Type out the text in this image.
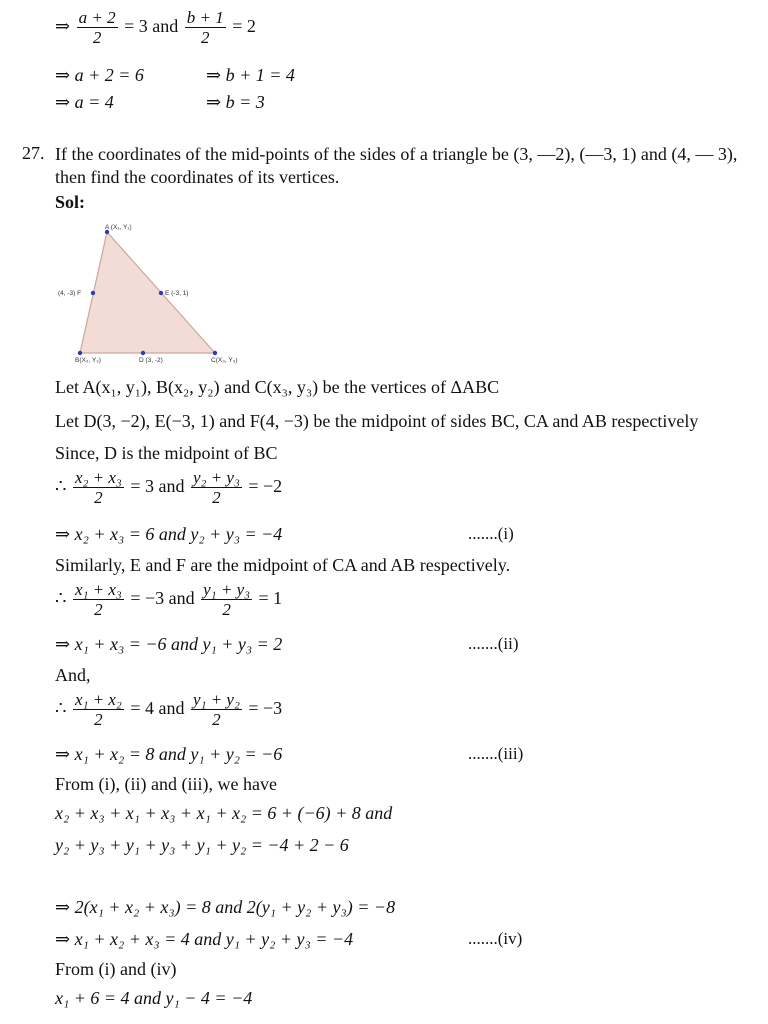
⇒ $\frac{a + 2}{2} = 3$ and $\frac{b + 1}{2} = 2$
⇒ a + 2 = 6	⇒ b + 1 = 4
⇒ a = 4	⇒ b = 3
27. If the coordinates of the mid-points of the sides of a triangle be (3, —2), (—3, 1) and (4, — 3), then find the coordinates of its vertices.
Sol:
A (X₁, Y₁)
E (-3, 1)
(4, -3) F
B(X₂, Y₂)	D (3, -2)	C(X₃, Y₃)
Let A(x₁, y₁), B(x₂, y₂) and C(x₃, y₃) be the vertices of ΔABC
Let D(3, −2), E(−3, 1) and F(4, −3) be the midpoint of sides BC, CA and AB respectively
Since, D is the midpoint of BC
∴ $\frac{\text{x₂ + x₃}}{2} = 3$ and $\frac{\text{y₂ + y₃}}{2} = -2$
⇒ x₂ + x₃ = 6 and y₂ + y₃ = −4	.......(i)
Similarly, E and F are the midpoint of CA and AB respectively.
∴ $\frac{\text{x₁ + x₃}}{2} = -3$ and $\frac{\text{y₁ + y₃}}{2} = 1$
⇒ x₁ + x₃ = −6 and y₁ + y₃ = 2	.......(ii)
And,
∴ $\frac{\text{x₁ + x₂}}{2} = 4$ and $\frac{\text{y₁ + y₂}}{2} = -3$
⇒ x₁ + x₂ = 8 and y₁ + y₂ = −6	.......(iii)
From (i), (ii) and (iii), we have
x₂ + x₃ + x₁ + x₃ + x₁ + x₂ = 6 + (−6) + 8 and
y₂ + y₃ + y₁ + y₃ + y₁ + y₂ = −4 + 2 − 6
⇒ 2(x₁ + x₂ + x₃) = 8 and 2(y₁ + y₂ + y₃) = −8
⇒ x₁ + x₂ + x₃ = 4 and y₁ + y₂ + y₃ = −4	.......(iv)
From (i) and (iv)
x₁ + 6 = 4 and y₁ − 4 = −4
